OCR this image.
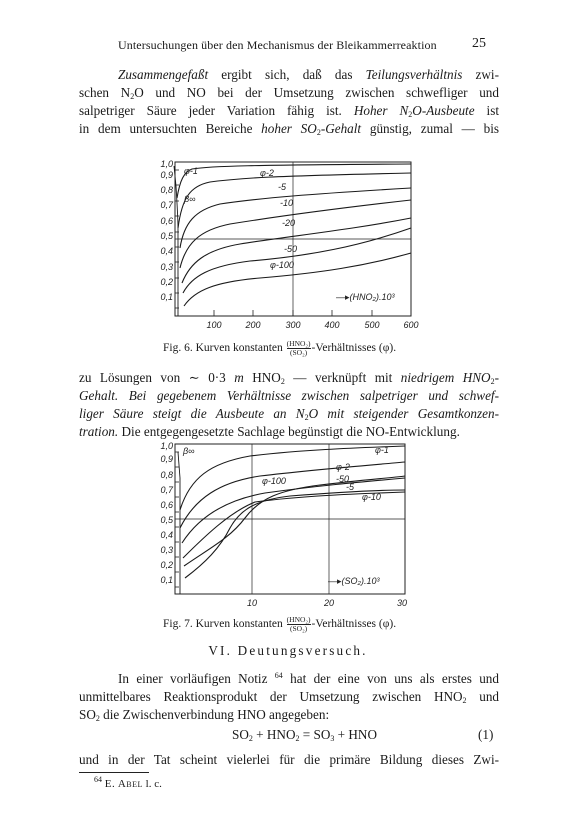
Untersuchungen über den Mechanismus der Bleikammerreaktion	25
Zusammengefaßt ergibt sich, daß das Teilungsverhältnis zwi-
schen $N_2O$ und NO bei der Umsetzung zwischen schwefliger und
salpetriger Säure jeder Variation fähig ist. Hoher $N_2O$-Ausbeute ist
in dem untersuchten Bereiche hoher $SO_2$-Gehalt günstig, zumal — bis
1,0
0,9
0,8
0,7
0,6
0,5
0,4
0,3
0,2
0,1
100	200	300	400	500	600
φ-1	φ-2
-5
β∞	-10
-20
-50
φ-100
—▸(HNO₂).10³
Fig. 6. Kurven konstanten $\frac{\text{(HNO₂)}}{\text{(SO₂)}}$ -Verhältnisses (φ).
zu Lösungen von ∼ 0·3 m $HNO_2$ — verknüpft mit niedrigem $HNO_2-$
Gehalt. Bei gegebenem Verhältnisse zwischen salpetriger und schwef-
liger Säure steigt die Ausbeute an $N_2O$ mit steigender Gesamtkonzen-
tration. Die entgegengesetzte Sachlage begünstigt die NO-Entwicklung.
1,0
0,9
0,8
0,7
0,6
0,5
0,4
0,3
0,2
0,1
10	20	30
β∞	φ-1
φ-2
-50
-5
φ-100
φ-10
—▸(SO₂).10³
Fig. 7. Kurven konstanten $\frac{\text{(HNO₂)}}{\text{(SO₂)}}$ -Verhältnisses (φ).
VI. Deutungsversuch.
In einer vorläufigen Notiz $^{64}$ hat der eine von uns als erstes und
unmittelbares Reaktionsprodukt der Umsetzung zwischen $HNO_2$ und
$SO_2$ die Zwischenverbindung HNO angegeben:
$SO_2 + HNO_2 = SO_3$ + HNO	(1)
und in der Tat scheint vielerlei für die primäre Bildung dieses Zwi-
$^{64}$ E. Abel l. c.
